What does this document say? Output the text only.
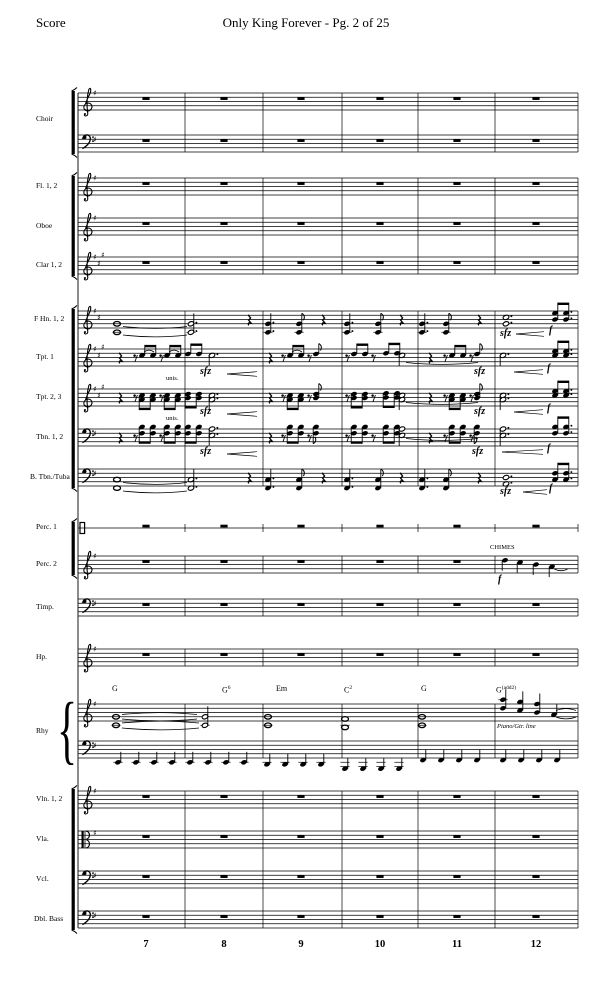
Score	Only King Forever - Pg. 2 of 25
♯
♯
♯
♯
♯
♯
♯
♯
♯
♯
♯
♯
♯
♯
♯
♯
♯
♯
♯
♯
♯
♯
♯
♯
♯
♯
{
Choir
Fl. 1, 2
Oboe
Clar 1, 2
F Hn. 1, 2
Tpt. 1
Tpt. 2, 3
Tbn. 1, 2
B. Tbn./Tuba
Perc. 1
Perc. 2
Timp.
Hp.
Rhy
Vln. 1, 2
Vla.
Vcl.
Dbl. Bass
7	8	9	10	11	12
G	$G^6$	Em	$C^2$	G	$G^{(add2)}$
unis.
unis.
sfz
sfz
sfz
sfz
sfz
sfz
sfz
sfz
f
f
f
f
f
f
CHIMES
Piano/Gtr. line
